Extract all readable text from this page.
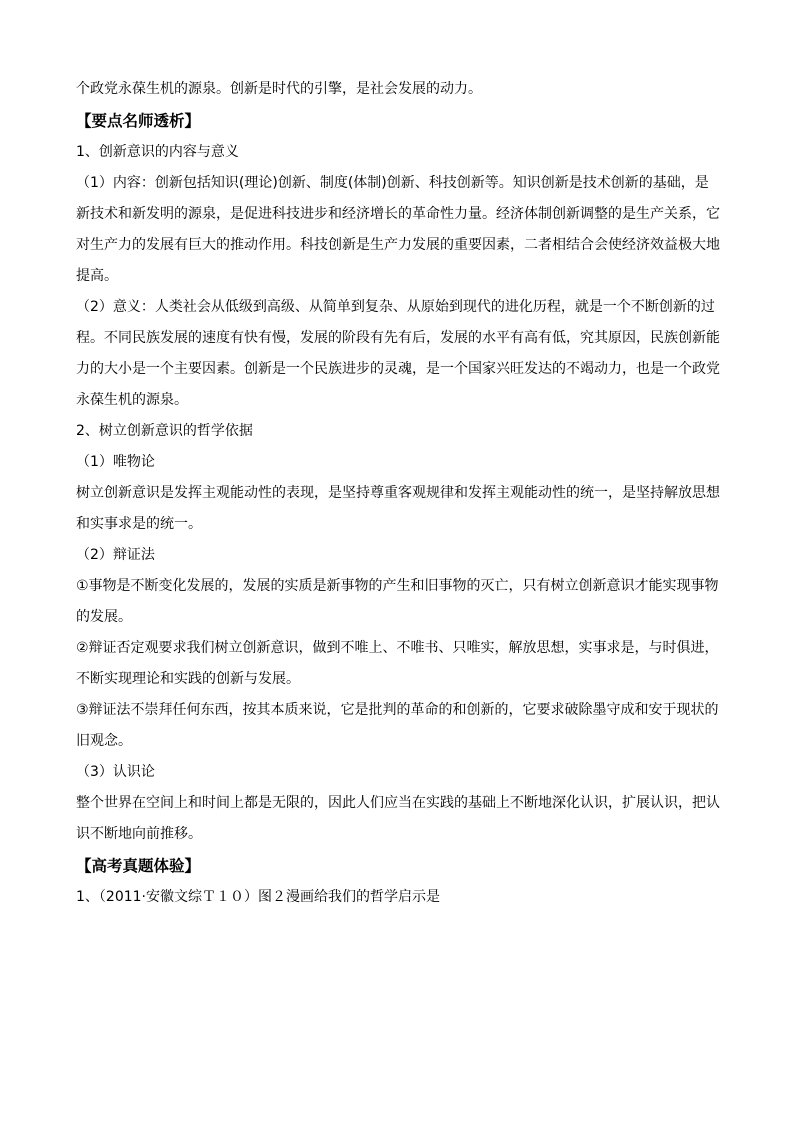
个政党永葆生机的源泉。创新是时代的引擎，是社会发展的动力。
【要点名师透析】
1、创新意识的内容与意义
（1）内容：创新包括知识(理论)创新、制度(体制)创新、科技创新等。知识创新是技术创新的基础，是
新技术和新发明的源泉，是促进科技进步和经济增长的革命性力量。经济体制创新调整的是生产关系，它
对生产力的发展有巨大的推动作用。科技创新是生产力发展的重要因素，二者相结合会使经济效益极大地
提高。
（2）意义：人类社会从低级到高级、从简单到复杂、从原始到现代的进化历程，就是一个不断创新的过
程。不同民族发展的速度有快有慢，发展的阶段有先有后，发展的水平有高有低，究其原因，民族创新能
力的大小是一个主要因素。创新是一个民族进步的灵魂，是一个国家兴旺发达的不竭动力，也是一个政党
永葆生机的源泉。
2、树立创新意识的哲学依据
（1）唯物论
树立创新意识是发挥主观能动性的表现，是坚持尊重客观规律和发挥主观能动性的统一，是坚持解放思想
和实事求是的统一。
（2）辩证法
①事物是不断变化发展的，发展的实质是新事物的产生和旧事物的灭亡，只有树立创新意识才能实现事物
的发展。
②辩证否定观要求我们树立创新意识，做到不唯上、不唯书、只唯实，解放思想，实事求是，与时俱进，
不断实现理论和实践的创新与发展。
③辩证法不崇拜任何东西，按其本质来说，它是批判的革命的和创新的，它要求破除墨守成和安于现状的
旧观念。
（3）认识论
整个世界在空间上和时间上都是无限的，因此人们应当在实践的基础上不断地深化认识，扩展认识，把认
识不断地向前推移。
【高考真题体验】
1、（2011·安徽文综Ｔ１０）图２漫画给我们的哲学启示是
